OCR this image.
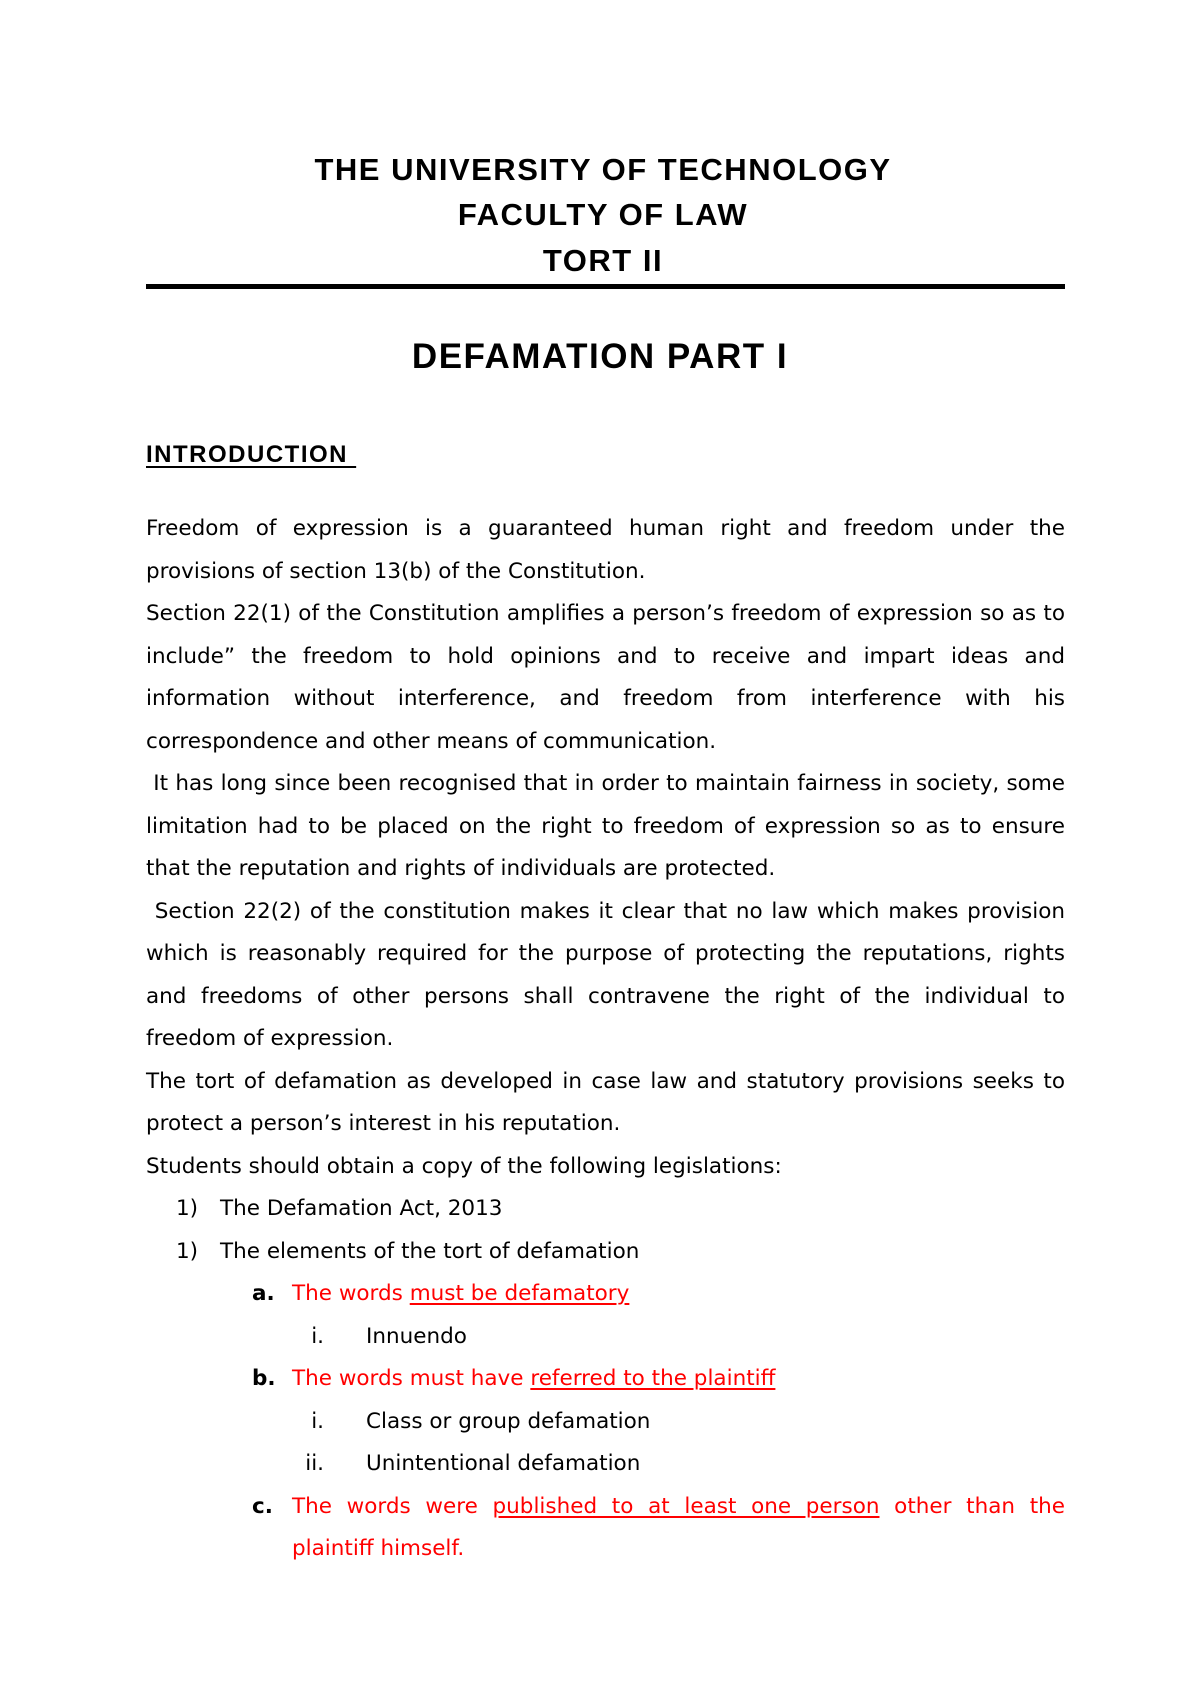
THE UNIVERSITY OF TECHNOLOGY
FACULTY OF LAW
TORT II
DEFAMATION PART I
INTRODUCTION

Freedom of expression is a guaranteed human right and freedom under the provisions of section 13(b) of the Constitution.

Section 22(1) of the Constitution amplifies a person’s freedom of expression so as to include” the freedom to hold opinions and to receive and impart ideas and information without interference, and freedom from interference with his correspondence and other means of communication.

It has long since been recognised that in order to maintain fairness in society, some limitation had to be placed on the right to freedom of expression so as to ensure that the reputation and rights of individuals are protected.

Section 22(2) of the constitution makes it clear that no law which makes provision which is reasonably required for the purpose of protecting the reputations, rights and freedoms of other persons shall contravene the right of the individual to freedom of expression.

The tort of defamation as developed in case law and statutory provisions seeks to protect a person’s interest in his reputation.

Students should obtain a copy of the following legislations:

1) The Defamation Act, 2013
1) The elements of the tort of defamation
a. The words must be defamatory
i. Innuendo
b. The words must have referred to the plaintiff
i. Class or group defamation
ii. Unintentional defamation
c. The words were published to at least one person other than the plaintiff himself.
